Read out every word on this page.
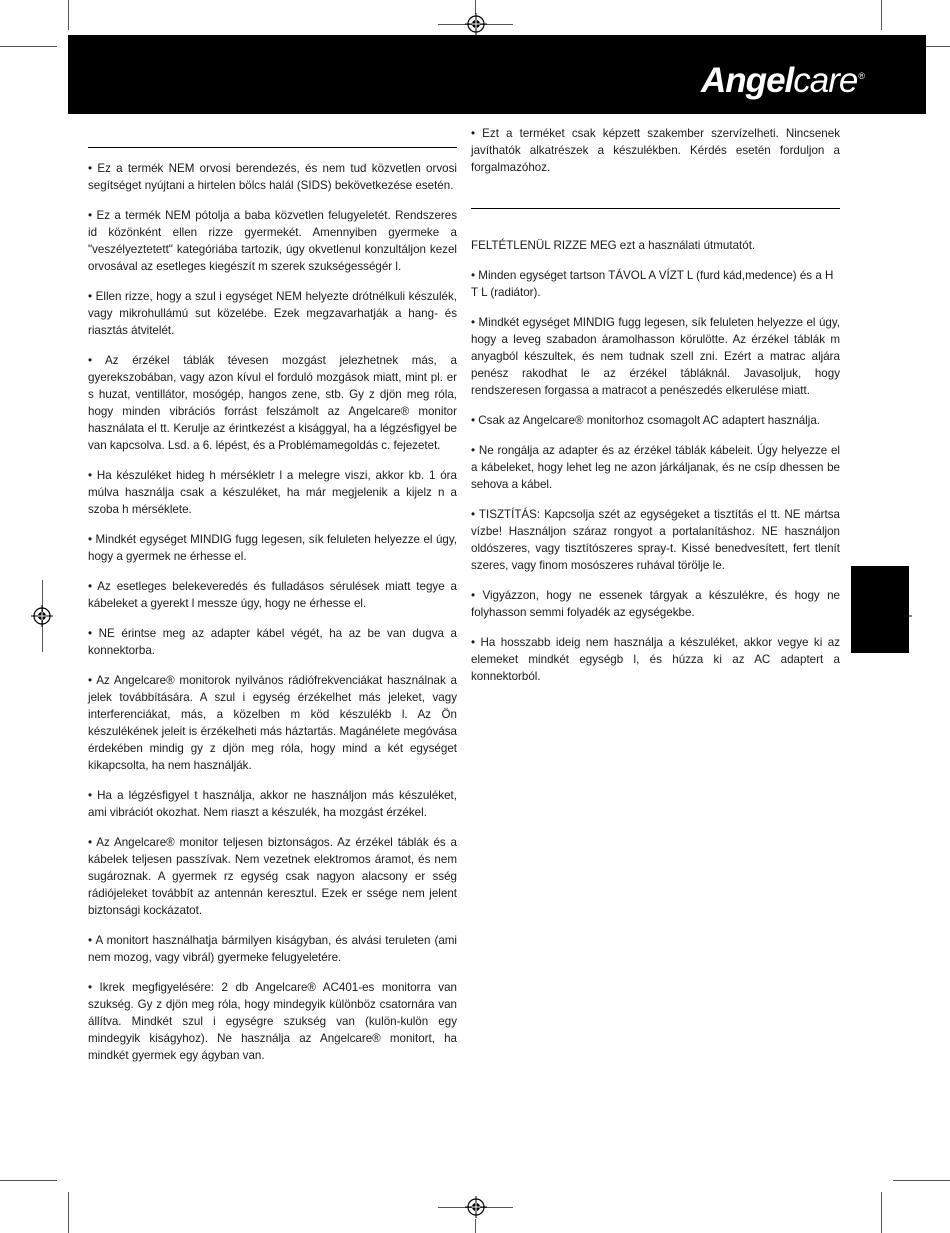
Angelcare®

• Ez a termék NEM orvosi berendezés, és nem tud közvetlen orvosi segítséget nyújtani a hirtelen bölcs halál (SIDS) bekövetkezése esetén.

• Ez a termék NEM pótolja a baba közvetlen felugyeletét. Rendszeres id közönként ellen rizze gyermekét. Amennyiben gyermeke a "veszélyeztetett" kategóriába tartozik, úgy okvetlenul konzultáljon kezel orvosával az esetleges kiegészít m szerek szukségességér l.

• Ellen rizze, hogy a szul i egységet NEM helyezte drótnélkuli készulék, vagy mikrohullámú sut közelébe. Ezek megzavarhatják a hang- és riasztás átvitelét.

• Az érzékel táblák tévesen mozgást jelezhetnek más, a gyerekszobában, vagy azon kívul el forduló mozgások miatt, mint pl. er s huzat, ventillátor, mosógép, hangos zene, stb. Gy z djön meg róla, hogy minden vibrációs forrást felszámolt az Angelcare® monitor használata el tt. Kerulje az érintkezést a kisággyal, ha a légzésfigyel be van kapcsolva. Lsd. a 6. lépést, és a Problémamegoldás c. fejezetet.

• Ha készuléket hideg h mérsékletr l a melegre viszi, akkor kb. 1 óra múlva használja csak a készuléket, ha már megjelenik a kijelz n a szoba h mérséklete.

• Mindkét egységet MINDIG fugg legesen, sík feluleten helyezze el úgy, hogy a gyermek ne érhesse el.

• Az esetleges belekeveredés és fulladásos sérulések miatt tegye a kábeleket a gyerekt l messze úgy, hogy ne érhesse el.

• NE érintse meg az adapter kábel végét, ha az be van dugva a konnektorba.

• Az Angelcare® monitorok nyilvános rádiófrekvenciákat használnak a jelek továbbítására. A szul i egység érzékelhet más jeleket, vagy interferenciákat, más, a közelben m köd készulékb l. Az Ön készulékének jeleit is érzékelheti más háztartás. Magánélete megóvása érdekében mindig gy z djön meg róla, hogy mind a két egységet kikapcsolta, ha nem használják.

• Ha a légzésfigyel t használja, akkor ne használjon más készuléket, ami vibrációt okozhat. Nem riaszt a készulék, ha mozgást érzékel.

• Az Angelcare® monitor teljesen biztonságos. Az érzékel táblák és a kábelek teljesen passzívak. Nem vezetnek elektromos áramot, és nem sugároznak. A gyermek rz egység csak nagyon alacsony er sség rádiójeleket továbbít az antennán keresztul. Ezek er ssége nem jelent biztonsági kockázatot.

• A monitort használhatja bármilyen kiságyban, és alvási teruleten (ami nem mozog, vagy vibrál) gyermeke felugyeletére.

• Ikrek megfigyelésére: 2 db Angelcare® AC401-es monitorra van szukség. Gy z djön meg róla, hogy mindegyik különböz csatornára van állítva. Mindkét szul i egységre szukség van (kulön-kulön egy mindegyik kiságyhoz). Ne használja az Angelcare® monitort, ha mindkét gyermek egy ágyban van.

• Ezt a terméket csak képzett szakember szervízelheti. Nincsenek javíthatók alkatrészek a készulékben. Kérdés esetén forduljon a forgalmazóhoz.

FELTÉTLENÜL RIZZE MEG ezt a használati útmutatót.

• Minden egységet tartson TÁVOL A VÍZT L (furd kád,medence) és a H T L (radiátor).

• Mindkét egységet MINDIG fugg legesen, sík feluleten helyezze el úgy, hogy a leveg szabadon áramolhasson körulötte. Az érzékel táblák m anyagból készultek, és nem tudnak szell zni. Ezért a matrac aljára penész rakodhat le az érzékel tábláknál. Javasoljuk, hogy rendszeresen forgassa a matracot a penészedés elkerulése miatt.

• Csak az Angelcare® monitorhoz csomagolt AC adaptert használja.

• Ne rongálja az adapter és az érzékel táblák kábeleit. Úgy helyezze el a kábeleket, hogy lehet leg ne azon járkáljanak, és ne csíp dhessen be sehova a kábel.

• TISZTÍTÁS: Kapcsolja szét az egységeket a tisztítás el tt. NE mártsa vízbe! Használjon száraz rongyot a portalanításhoz. NE használjon oldószeres, vagy tisztítószeres spray-t. Kissé benedvesített, fert tlenít szeres, vagy finom mosószeres ruhával törölje le.

• Vigyázzon, hogy ne essenek tárgyak a készulékre, és hogy ne folyhasson semmi folyadék az egységekbe.

• Ha hosszabb ideig nem használja a készuléket, akkor vegye ki az elemeket mindkét egységb l, és húzza ki az AC adaptert a konnektorból.
